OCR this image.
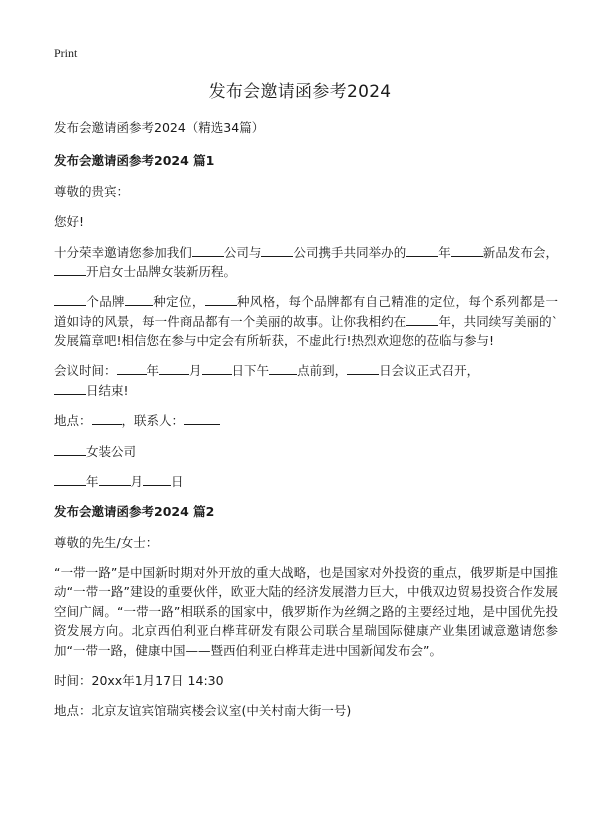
Print
发布会邀请函参考2024

发布会邀请函参考2024（精选34篇）

发布会邀请函参考2024 篇1

尊敬的贵宾：

您好!

十分荣幸邀请您参加我们	公司与	公司携手共同举办的	年	新品发布会，开启女士品牌女装新历程。

个品牌 种定位，	种风格，每个品牌都有自己精准的定位，每个系列都是一道如诗的风景，每一件商品都有一个美丽的故事。让你我相约在	年，共同续写美丽的`发展篇章吧!相信您在参与中定会有所斩获，不虚此行!热烈欢迎您的莅临与参与!

会议时间： 年 月 日下午 点前到，	日会议正式召开，
日结束!

地点： ，联系人：

女装公司

年	月 日

发布会邀请函参考2024 篇2

尊敬的先生/女士：

“一带一路”是中国新时期对外开放的重大战略，也是国家对外投资的重点，俄罗斯是中国推动“一带一路”建设的重要伙伴，欧亚大陆的经济发展潜力巨大，中俄双边贸易投资合作发展空间广阔。“一带一路”相联系的国家中，俄罗斯作为丝绸之路的主要经过地，是中国优先投资发展方向。北京西伯利亚白桦茸研发有限公司联合星瑞国际健康产业集团诚意邀请您参加“一带一路，健康中国——暨西伯利亚白桦茸走进中国新闻发布会”。

时间：20xx年1月17日 14:30

地点：北京友谊宾馆瑞宾楼会议室(中关村南大街一号)
